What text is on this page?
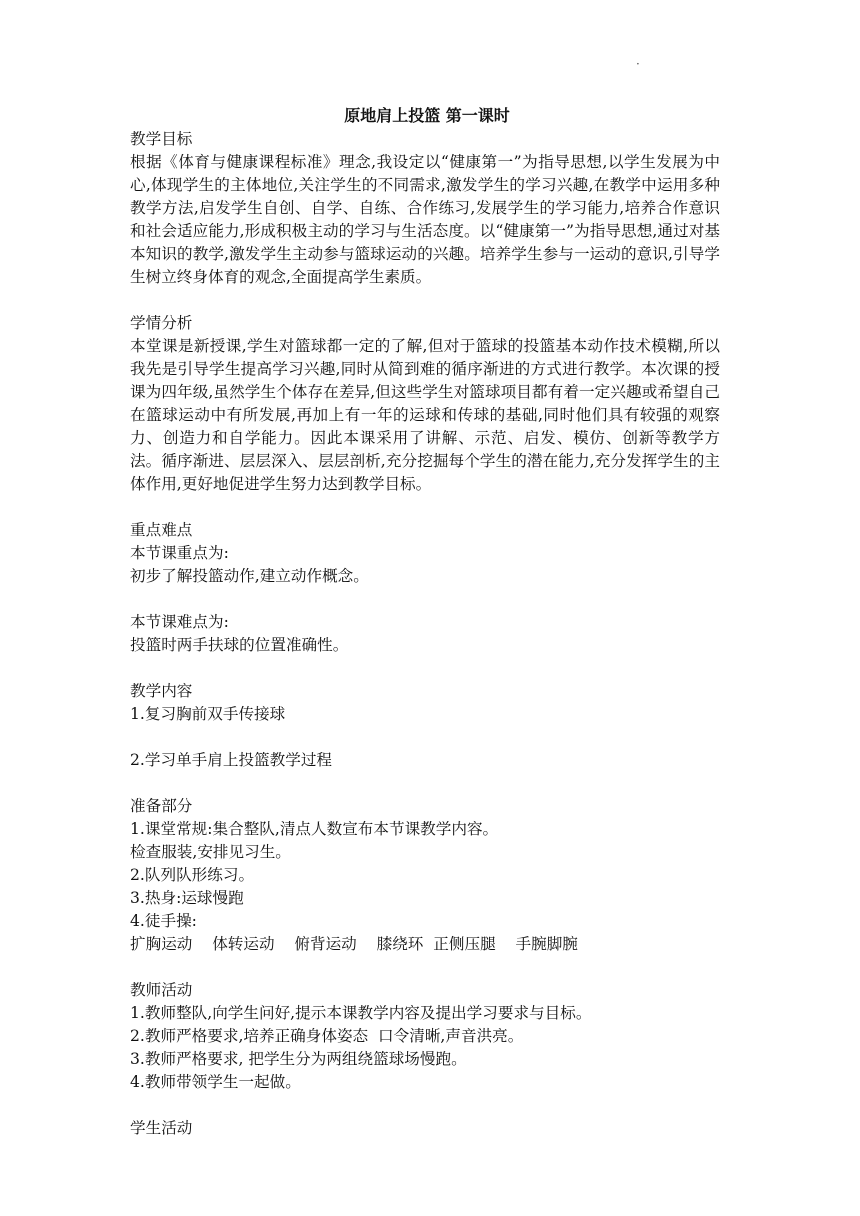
·
原地肩上投篮 第一课时
教学目标
根据《体育与健康课程标准》理念,我设定以“健康第一”为指导思想,以学生发展为中心,体现学生的主体地位,关注学生的不同需求,激发学生的学习兴趣,在教学中运用多种教学方法,启发学生自创、自学、自练、合作练习,发展学生的学习能力,培养合作意识和社会适应能力,形成积极主动的学习与生活态度。以“健康第一”为指导思想,通过对基本知识的教学,激发学生主动参与篮球运动的兴趣。培养学生参与一运动的意识,引导学生树立终身体育的观念,全面提高学生素质。
学情分析
本堂课是新授课,学生对篮球都一定的了解,但对于篮球的投篮基本动作技术模糊,所以我先是引导学生提高学习兴趣,同时从简到难的循序渐进的方式进行教学。本次课的授课为四年级,虽然学生个体存在差异,但这些学生对篮球项目都有着一定兴趣或希望自己在篮球运动中有所发展,再加上有一年的运球和传球的基础,同时他们具有较强的观察力、创造力和自学能力。因此本课采用了讲解、示范、启发、模仿、创新等教学方法。循序渐进、层层深入、层层剖析,充分挖掘每个学生的潜在能力,充分发挥学生的主体作用,更好地促进学生努力达到教学目标。
重点难点
本节课重点为:
初步了解投篮动作,建立动作概念。
本节课难点为:
投篮时两手扶球的位置准确性。
教学内容
1.复习胸前双手传接球
2.学习单手肩上投篮教学过程
准备部分
1.课堂常规:集合整队,清点人数宣布本节课教学内容。
检查服装,安排见习生。
2.队列队形练习。
3.热身:运球慢跑
4.徒手操:
扩胸运动    体转运动    俯背运动    膝绕环  正侧压腿    手腕脚腕
教师活动
1.教师整队,向学生问好,提示本课教学内容及提出学习要求与目标。
2.教师严格要求,培养正确身体姿态  口令清晰,声音洪亮。
3.教师严格要求, 把学生分为两组绕篮球场慢跑。
4.教师带领学生一起做。
学生活动
